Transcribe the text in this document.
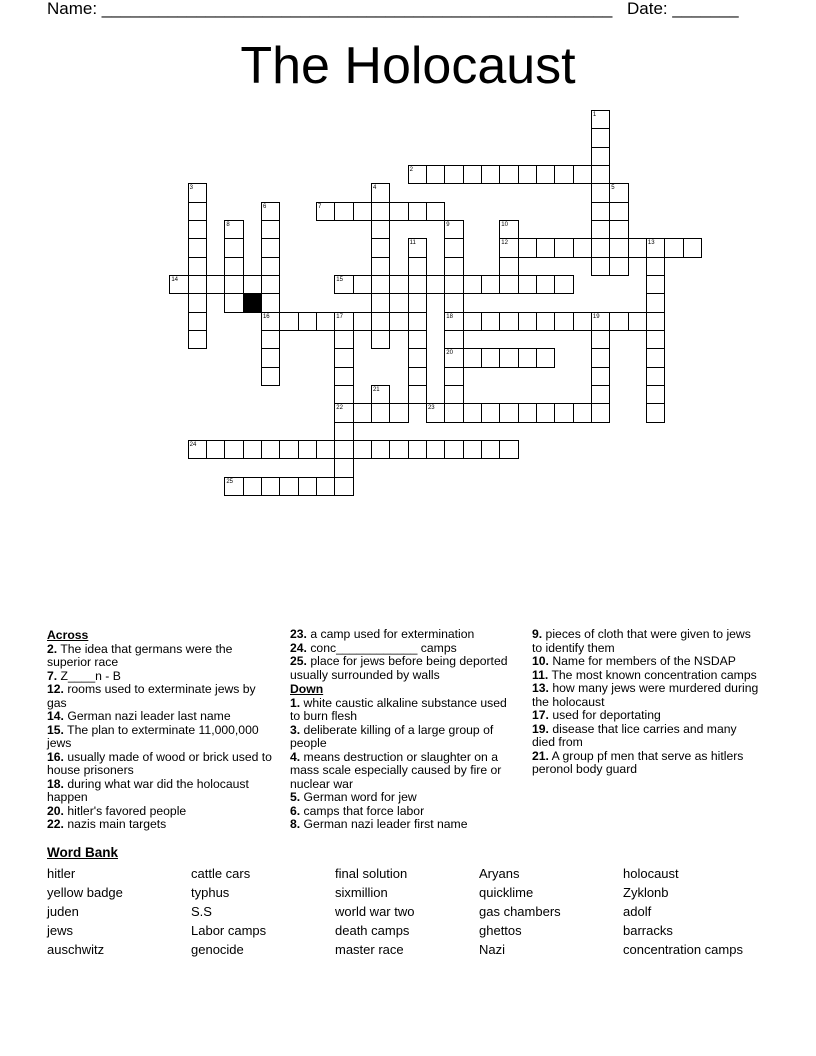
Name: ______________________________________________________ Date: _______
The Holocaust
2
7
12
14	15
16	18
20
22	23
24
25
1
3	4	5
6
8	9	10
11	13
17	19
21
Across
2. The idea that germans were the superior race
7. Z____n - B
12. rooms used to exterminate jews by gas
14. German nazi leader last name
15. The plan to exterminate 11,000,000 jews
16. usually made of wood or brick used to house prisoners
18. during what war did the holocaust happen
20. hitler's favored people
22. nazis main targets
23. a camp used for extermination
24. conc____________ camps
25. place for jews before being deported usually surrounded by walls
Down
1. white caustic alkaline substance used to burn flesh
3. deliberate killing of a large group of people
4. means destruction or slaughter on a mass scale especially caused by fire or nuclear war
5. German word for jew
6. camps that force labor
8. German nazi leader first name
9. pieces of cloth that were given to jews to identify them
10. Name for members of the NSDAP
11. The most known concentration camps
13. how many jews were murdered during the holocaust
17. used for deportating
19. disease that lice carries and many died from
21. A group pf men that serve as hitlers peronol body guard
Word Bank
hitler
yellow badge
juden
jews
auschwitz
cattle cars
typhus
S.S
Labor camps
genocide
final solution
sixmillion
world war two
death camps
master race
Aryans
quicklime
gas chambers
ghettos
Nazi
holocaust
Zyklonb
adolf
barracks
concentration camps
